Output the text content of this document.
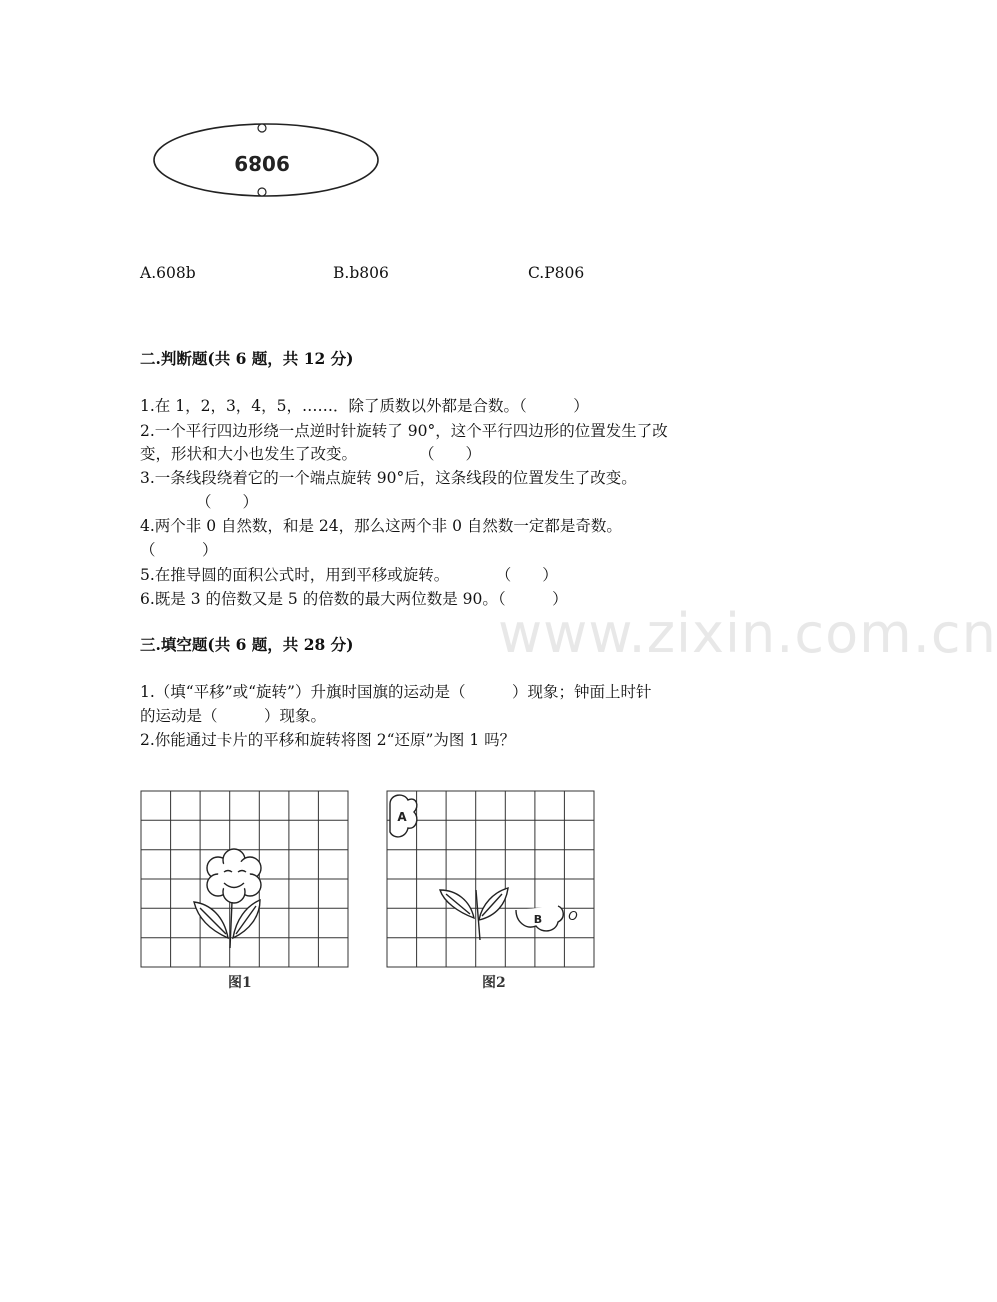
9089
A.608b	B.b806	C.P806
二.判断题(共 6 题，共 12 分)
1.在 1，2，3，4，5，……．除了质数以外都是合数。（　　　）
2.一个平行四边形绕一点逆时针旋转了 90°，这个平行四边形的位置发生了改
变，形状和大小也发生了改变。　　　　　（　　）
3.一条线段绕着它的一个端点旋转 90°后，这条线段的位置发生了改变。
（　　）
4.两个非 0 自然数，和是 24，那么这两个非 0 自然数一定都是奇数。
（　　　）
5.在推导圆的面积公式时，用到平移或旋转。　　　　（　　）
6.既是 3 的倍数又是 5 的倍数的最大两位数是 90。（　　　）
www.zixin.com.cn
三.填空题(共 6 题，共 28 分)
1.（填“平移”或“旋转”）升旗时国旗的运动是（　　　）现象；钟面上时针
的运动是（　　　）现象。
2.你能通过卡片的平移和旋转将图 2“还原”为图 1 吗？
图1
A
B O
图2
